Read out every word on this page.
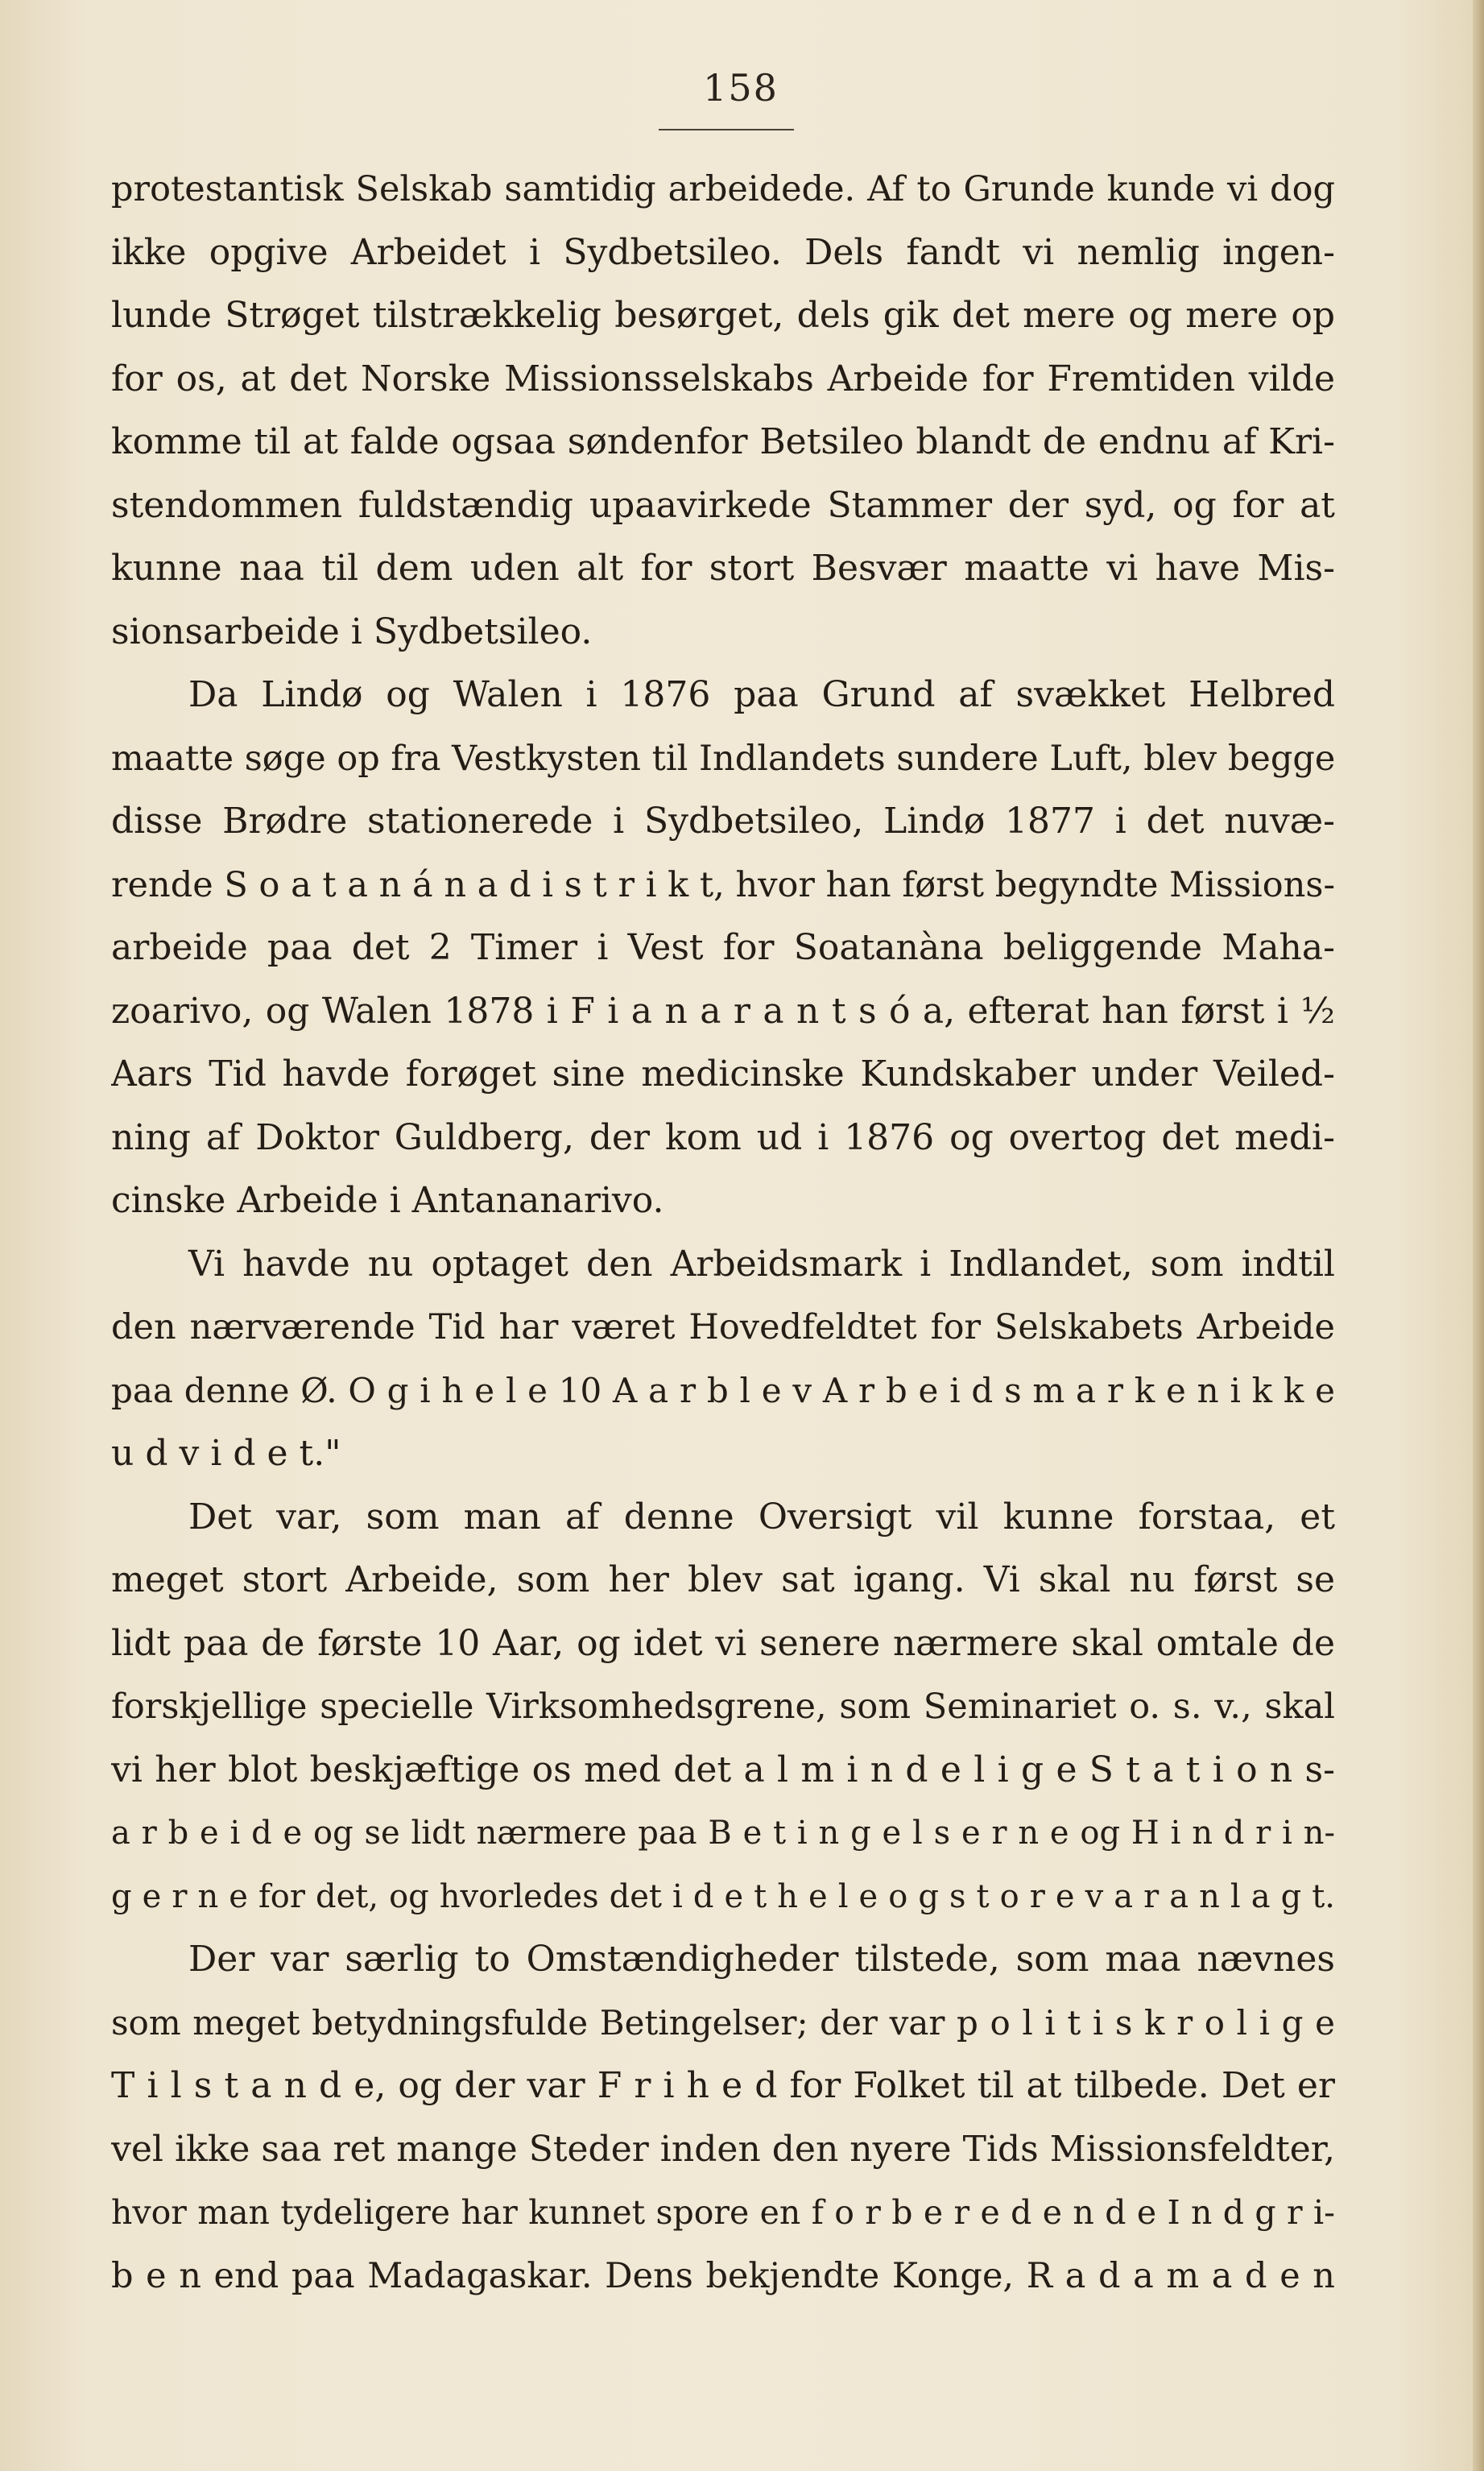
158
protestantisk Selskab samtidig arbeidede. Af to Grunde kunde vi dog
ikke opgive Arbeidet i Sydbetsileo. Dels fandt vi nemlig ingen-
lunde Strøget tilstrækkelig besørget, dels gik det mere og mere op
for os, at det Norske Missionsselskabs Arbeide for Fremtiden vilde
komme til at falde ogsaa søndenfor Betsileo blandt de endnu af Kri-
stendommen fuldstændig upaavirkede Stammer der syd, og for at
kunne naa til dem uden alt for stort Besvær maatte vi have Mis-
sionsarbeide i Sydbetsileo.
Da Lindø og Walen i 1876 paa Grund af svækket Helbred
maatte søge op fra Vestkysten til Indlandets sundere Luft, blev begge
disse Brødre stationerede i Sydbetsileo, Lindø 1877 i det nuvæ-
rende S o a t a n á n a d i s t r i k t, hvor han først begyndte Missions-
arbeide paa det 2 Timer i Vest for Soatanàna beliggende Maha-
zoarivo, og Walen 1878 i F i a n a r a n t s ó a, efterat han først i ½
Aars Tid havde forøget sine medicinske Kundskaber under Veiled-
ning af Doktor Guldberg, der kom ud i 1876 og overtog det medi-
cinske Arbeide i Antananarivo.
Vi havde nu optaget den Arbeidsmark i Indlandet, som indtil
den nærværende Tid har været Hovedfeldtet for Selskabets Arbeide
paa denne Ø. O g i h e l e 10 A a r b l e v A r b e i d s m a r k e n i k k e
u d v i d e t."
Det var, som man af denne Oversigt vil kunne forstaa, et
meget stort Arbeide, som her blev sat igang. Vi skal nu først se
lidt paa de første 10 Aar, og idet vi senere nærmere skal omtale de
forskjellige specielle Virksomhedsgrene, som Seminariet o. s. v., skal
vi her blot beskjæftige os med det a l m i n d e l i g e S t a t i o n s-
a r b e i d e og se lidt nærmere paa B e t i n g e l s e r n e og H i n d r i n-
g e r n e for det, og hvorledes det i d e t h e l e o g s t o r e v a r a n l a g t.
Der var særlig to Omstændigheder tilstede, som maa nævnes
som meget betydningsfulde Betingelser; der var p o l i t i s k r o l i g e
T i l s t a n d e, og der var F r i h e d for Folket til at tilbede. Det er
vel ikke saa ret mange Steder inden den nyere Tids Missionsfeldter,
hvor man tydeligere har kunnet spore en f o r b e r e d e n d e I n d g r i-
b e n end paa Madagaskar. Dens bekjendte Konge, R a d a m a d e n
